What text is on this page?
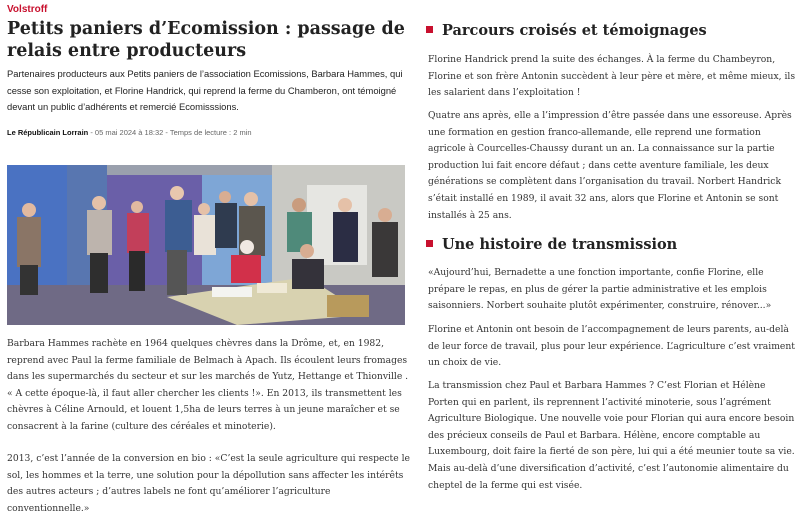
Volstroff
Petits paniers d’Ecomission : passage de relais entre producteurs

Partenaires producteurs aux Petits paniers de l’association Ecomissions, Barbara Hammes, qui cesse son exploitation, et Florine Handrick, qui reprend la ferme du Chamberon, ont témoigné devant un public d’adhérents et remercié Ecomisssions.

Le Républicain Lorrain - 05 mai 2024 à 18:32 - Temps de lecture : 2 min

Barbara Hammes rachète en 1964 quelques chèvres dans la Drôme, et, en 1982, reprend avec Paul la ferme familiale de Belmach à Apach. Ils écoulent leurs fromages dans les supermarchés du secteur et sur les marchés de Yutz, Hettange et Thionville . « A cette époque-là, il faut aller chercher les clients !». En 2013, ils transmettent les chèvres à Céline Arnould, et louent 1,5ha de leurs terres à un jeune maraîcher et se consacrent à la farine (culture des céréales et minoterie).

2013, c’est l’année de la conversion en bio : «C’est la seule agriculture qui respecte le sol, les hommes et la terre, une solution pour la dépollution sans affecter les intérêts des autres acteurs ; d’autres labels ne font qu’améliorer l’agriculture conventionnelle.»

Parcours croisés et témoignages

Florine Handrick prend la suite des échanges. À la ferme du Chambeyron, Florine et son frère Antonin succèdent à leur père et mère, et même mieux, ils les salarient dans l’exploitation !

Quatre ans après, elle a l’impression d’être passée dans une essoreuse. Après une formation en gestion franco-allemande, elle reprend une formation agricole à Courcelles-Chaussy durant un an. La connaissance sur la partie production lui fait encore défaut ; dans cette aventure familiale, les deux générations se complètent dans l’organisation du travail. Norbert Handrick s’était installé en 1989, il avait 32 ans, alors que Florine et Antonin se sont installés à 25 ans.

Une histoire de transmission

«Aujourd’hui, Bernadette a une fonction importante, confie Florine, elle prépare le repas, en plus de gérer la partie administrative et les emplois saisonniers. Norbert souhaite plutôt expérimenter, construire, rénover...»

Florine et Antonin ont besoin de l’accompagnement de leurs parents, au-delà de leur force de travail, plus pour leur expérience. L’agriculture c’est vraiment un choix de vie.

La transmission chez Paul et Barbara Hammes ? C’est Florian et Hélène Porten qui en parlent, ils reprennent l’activité minoterie, sous l’agrément Agriculture Biologique. Une nouvelle voie pour Florian qui aura encore besoin des précieux conseils de Paul et Barbara. Hélène, encore comptable au Luxembourg, doit faire la fierté de son père, lui qui a été meunier toute sa vie. Mais au-delà d’une diversification d’activité, c’est l’autonomie alimentaire du cheptel de la ferme qui est visée.
